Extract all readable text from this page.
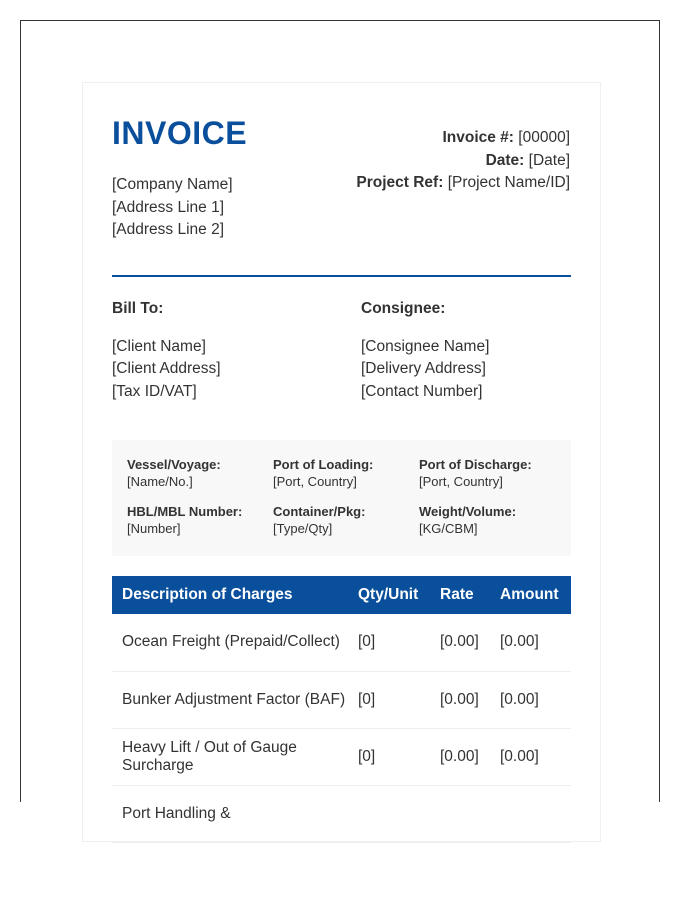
INVOICE
[Company Name]
[Address Line 1]
[Address Line 2]
Invoice #: [00000]
Date: [Date]
Project Ref: [Project Name/ID]
Bill To:
[Client Name]
[Client Address]
[Tax ID/VAT]
Consignee:
[Consignee Name]
[Delivery Address]
[Contact Number]
Vessel/Voyage:
[Name/No.]
Port of Loading:
[Port, Country]
Port of Discharge:
[Port, Country]
HBL/MBL Number:
[Number]
Container/Pkg:
[Type/Qty]
Weight/Volume:
[KG/CBM]
Description of Charges	Qty/Unit	Rate	Amount
Ocean Freight (Prepaid/Collect)	[0]	[0.00]	[0.00]
Bunker Adjustment Factor (BAF)	[0]	[0.00]	[0.00]
Heavy Lift / Out of Gauge Surcharge	[0]	[0.00]	[0.00]
Port Handling &			
